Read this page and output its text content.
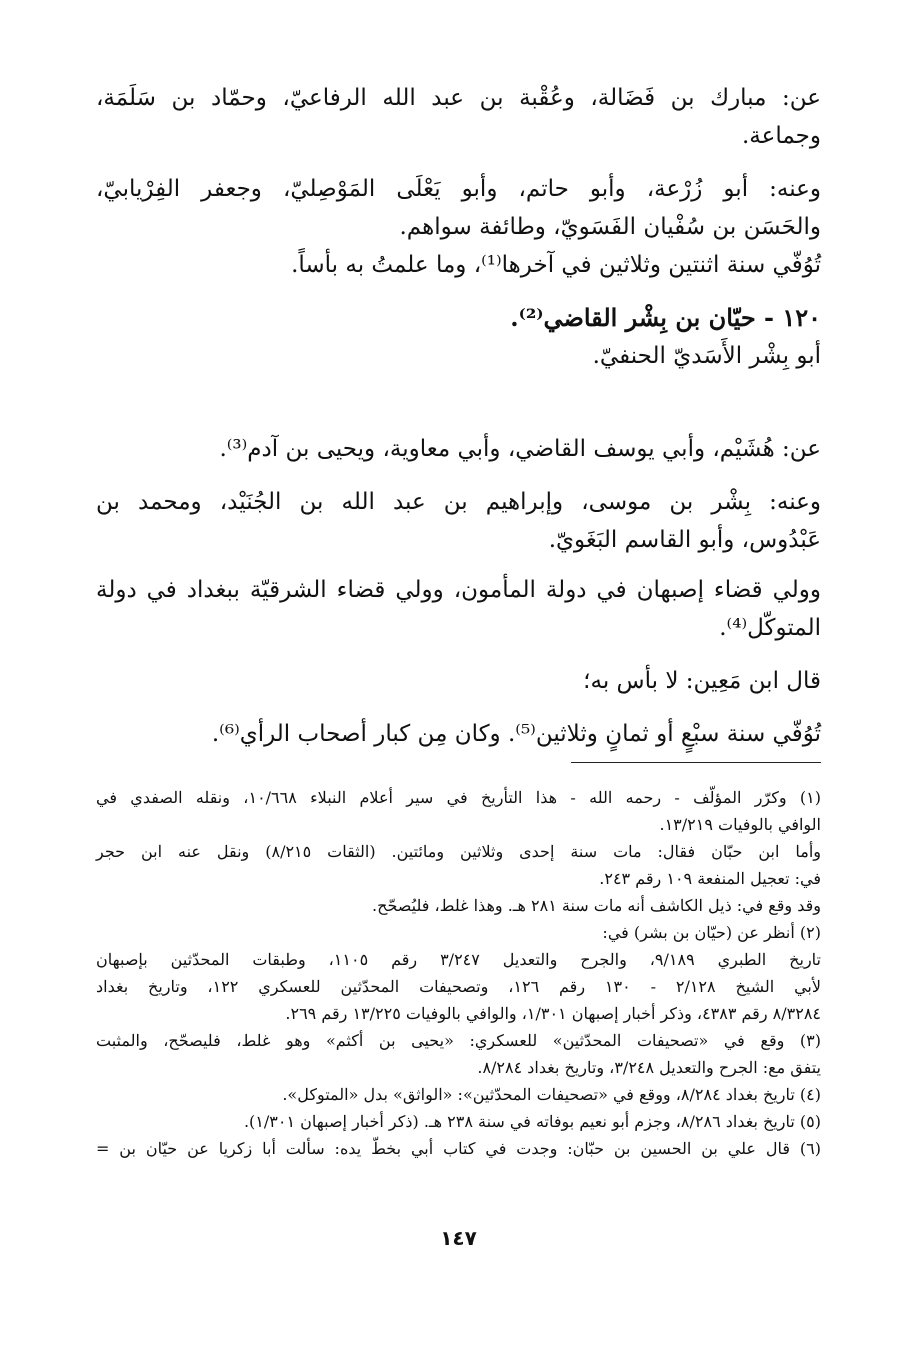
عن: مبارك بن فَضَالة، وعُقْبة بن عبد الله الرفاعيّ، وحمّاد بن سَلَمَة،
وجماعة.
وعنه: أبو زُرْعة، وأبو حاتم، وأبو يَعْلَى المَوْصِليّ، وجعفر الفِرْيابيّ،
والحَسَن بن سُفْيان الفَسَويّ، وطائفة سواهم.
تُوُفّي سنة اثنتين وثلاثين في آخرها⁽¹⁾، وما علمتُ به بأساً.
١٢٠ - حيّان بن بِشْر القاضي⁽²⁾.
أبو بِشْر الأَسَديّ الحنفيّ.
عن: هُشَيْم، وأبي يوسف القاضي، وأبي معاوية، ويحيى بن آدم⁽³⁾.
وعنه: بِشْر بن موسى، وإبراهيم بن عبد الله بن الجُنَيْد، ومحمد بن
عَبْدُوس، وأبو القاسم البَغَويّ.
وولي قضاء إصبهان في دولة المأمون، وولي قضاء الشرقيّة ببغداد في دولة
المتوكّل⁽⁴⁾.
قال ابن مَعِين: لا بأس به؛
تُوُفّي سنة سبْعٍ أو ثمانٍ وثلاثين⁽⁵⁾. وكان مِن كبار أصحاب الرأي⁽⁶⁾.
(١) وكرّر المؤلّف - رحمه الله - هذا التأريخ في سير أعلام النبلاء ١٠/٦٦٨، ونقله الصفدي في
الوافي بالوفيات ١٣/٢١٩.
وأما ابن حبّان فقال: مات سنة إحدى وثلاثين ومائتين. (الثقات ٨/٢١٥) ونقل عنه ابن حجر
في: تعجيل المنفعة ١٠٩ رقم ٢٤٣.
وقد وقع في: ذيل الكاشف أنه مات سنة ٢٨١ هـ. وهذا غلط، فليُصحّح.
(٢) أنظر عن (حيّان بن بشر) في:
تاريخ الطبري ٩/١٨٩، والجرح والتعديل ٣/٢٤٧ رقم ١١٠٥، وطبقات المحدّثين بإصبهان
لأبي الشيخ ٢/١٢٨ - ١٣٠ رقم ١٢٦، وتصحيفات المحدّثين للعسكري ١٢٢، وتاريخ بغداد
٨/٣٢٨٤ رقم ٤٣٨٣، وذكر أخبار إصبهان ١/٣٠١، والوافي بالوفيات ١٣/٢٢٥ رقم ٢٦٩.
(٣) وقع في «تصحيفات المحدّثين» للعسكري: «يحيى بن أكثم» وهو غلط، فليصحّح، والمثبت
يتفق مع: الجرح والتعديل ٣/٢٤٨، وتاريخ بغداد ٨/٢٨٤.
(٤) تاريخ بغداد ٨/٢٨٤، ووقع في «تصحيفات المحدّثين»: «الواثق» بدل «المتوكل».
(٥) تاريخ بغداد ٨/٢٨٦، وجزم أبو نعيم بوفاته في سنة ٢٣٨ هـ. (ذكر أخبار إصبهان ١/٣٠١).
(٦) قال علي بن الحسين بن حبّان: وجدت في كتاب أبي بخطّ يده: سألت أبا زكريا عن حيّان بن =
١٤٧
